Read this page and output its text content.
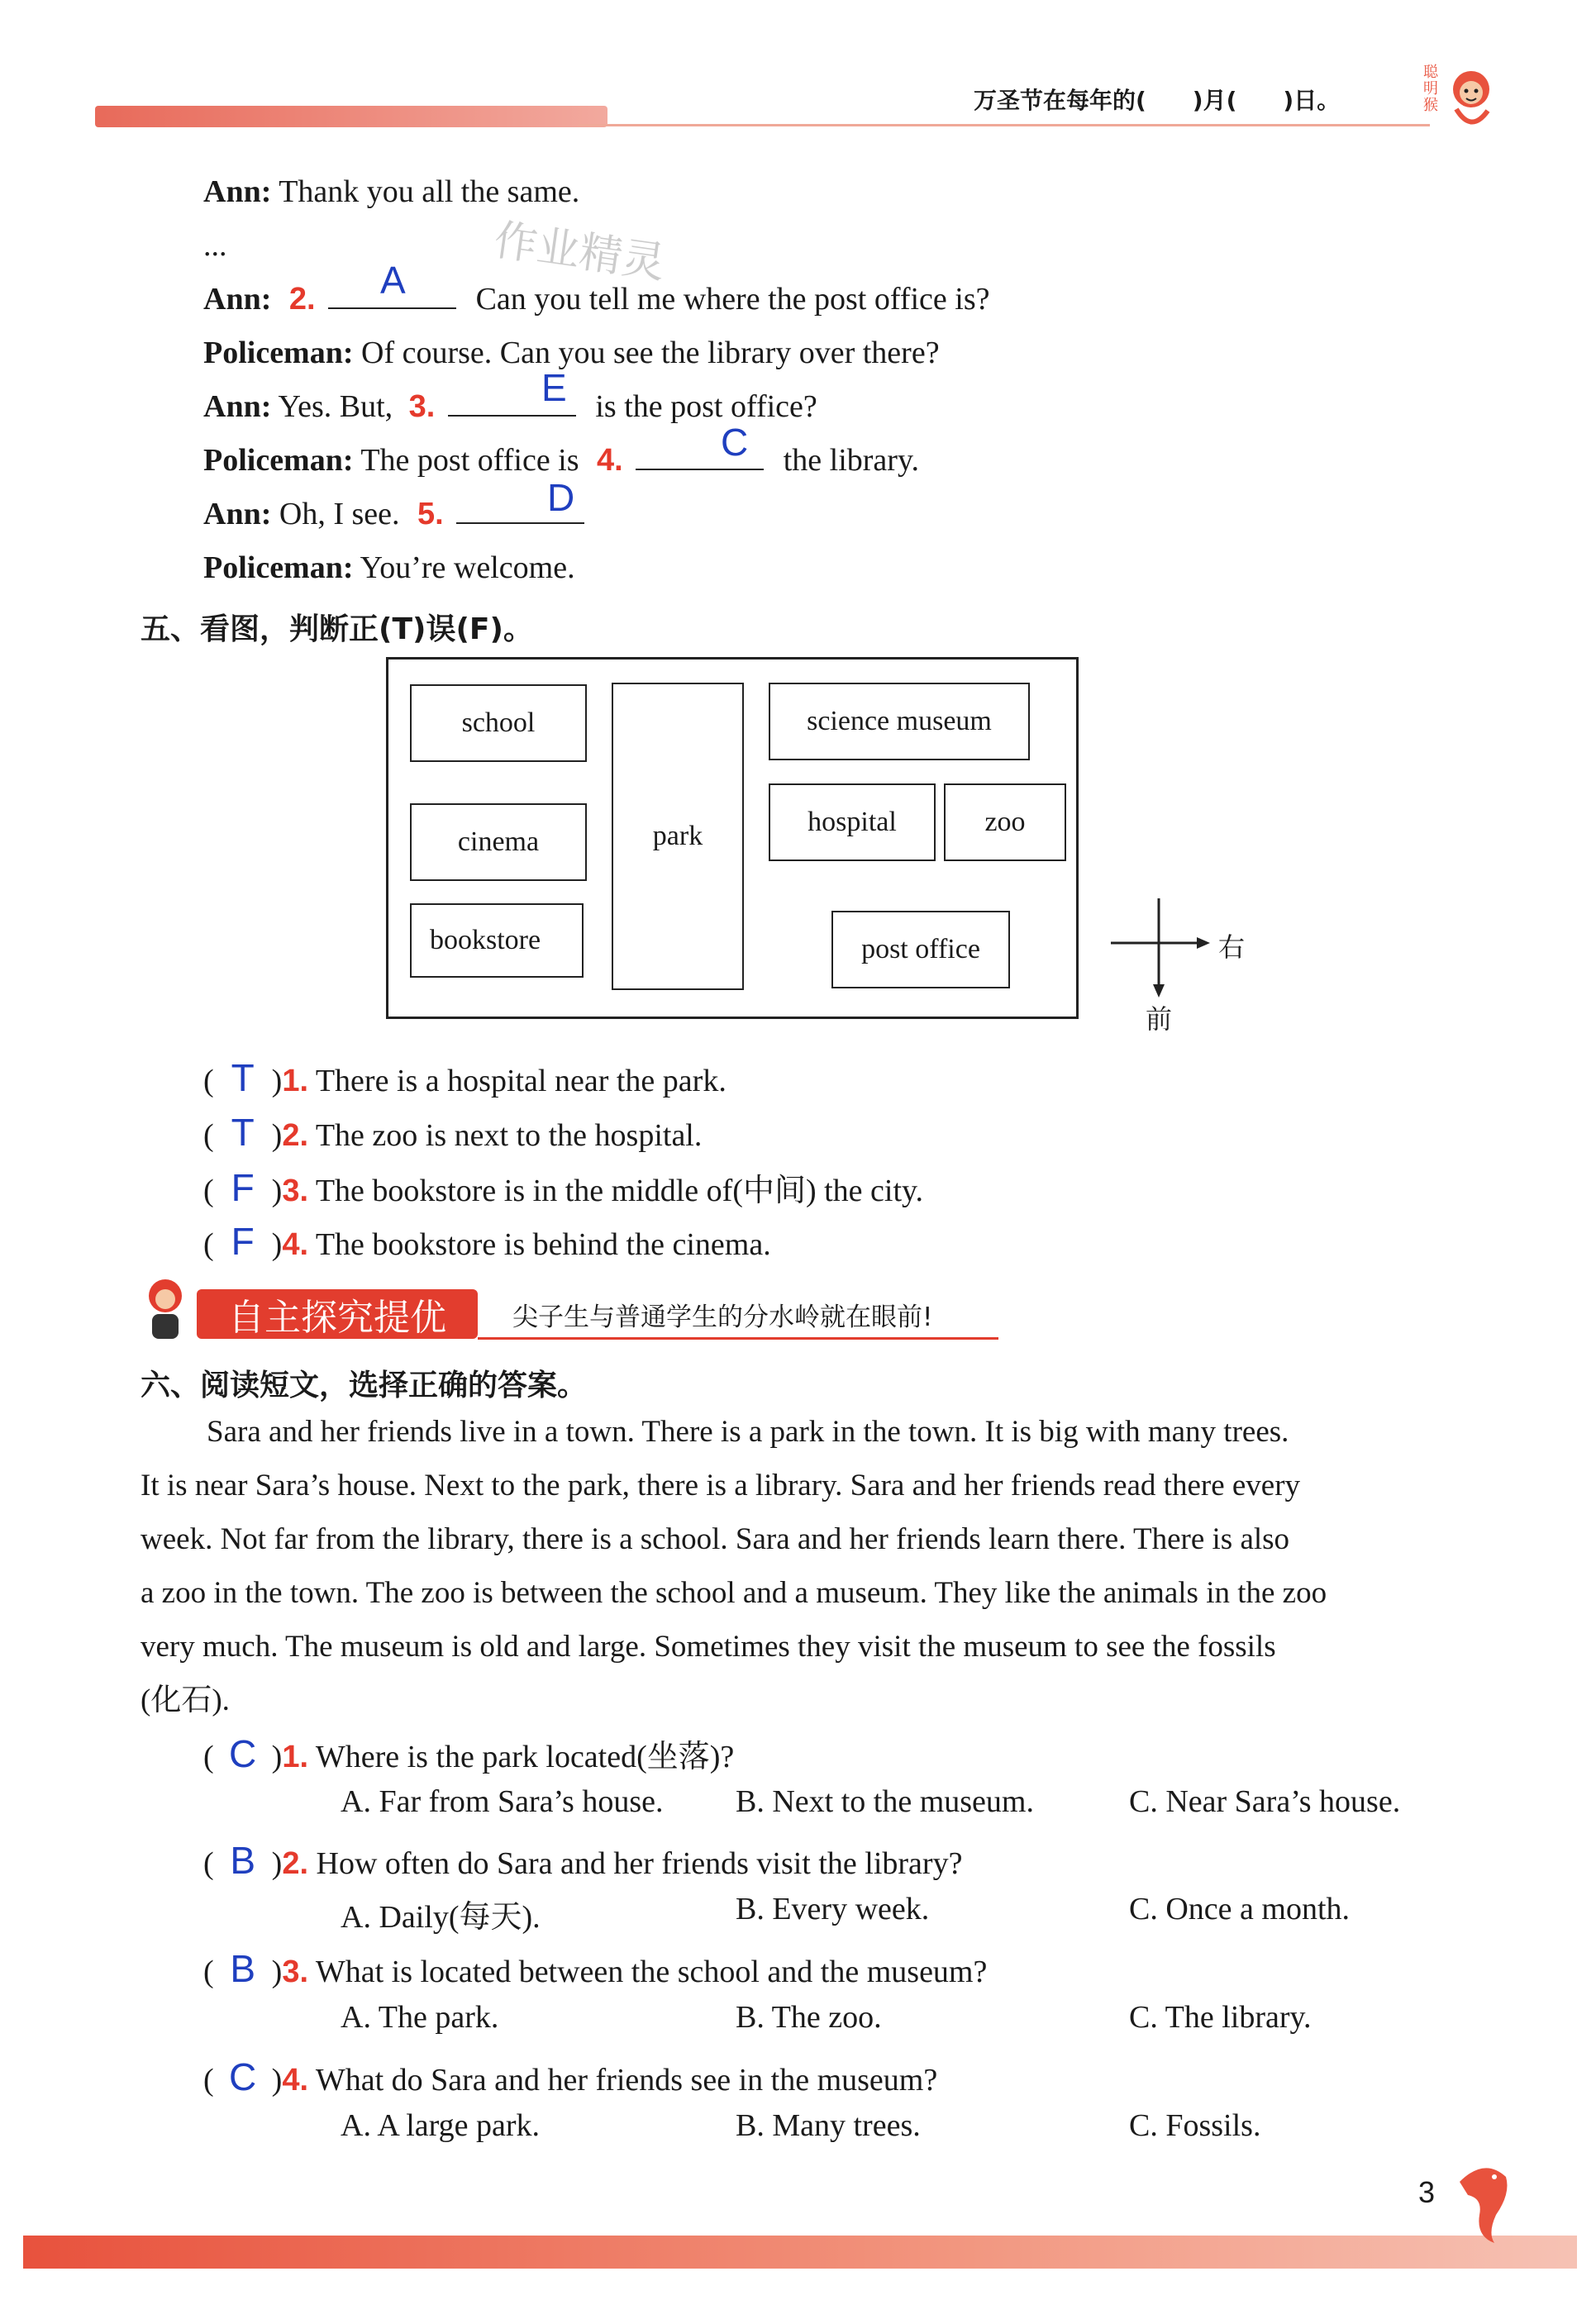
万圣节在每年的(　　)月(　　)日。
聪明猴
Ann: Thank you all the same.
...	作业精灵
Ann: 2.	Can you tell me where the post office is?
A
Policeman: Of course. Can you see the library over there?
Ann: Yes. But, 3.	is the post office?
E
Policeman: The post office is 4.	the library.
C
Ann: Oh, I see. 5.	D
Policeman: You’re welcome.
五、看图，判断正(T)误(F)。
school
cinema
bookstore
park
science museum
hospital	zoo
post office	右
前
( T )1. There is a hospital near the park.
( T )2. The zoo is next to the hospital.
( F )3. The bookstore is in the middle of(中间) the city.
( F )4. The bookstore is behind the cinema.
自主探究提优	尖子生与普通学生的分水岭就在眼前!
六、阅读短文，选择正确的答案。
Sara and her friends live in a town. There is a park in the town. It is big with many trees.
It is near Sara’s house. Next to the park, there is a library. Sara and her friends read there every
week. Not far from the library, there is a school. Sara and her friends learn there. There is also
a zoo in the town. The zoo is between the school and a museum. They like the animals in the zoo
very much. The museum is old and large. Sometimes they visit the museum to see the fossils
(化石).
( C )1. Where is the park located(坐落)?
A. Far from Sara’s house. B. Next to the museum.	C. Near Sara’s house.
( B )2. How often do Sara and her friends visit the library?
A. Daily(每天).	B. Every week.	C. Once a month.
( B )3. What is located between the school and the museum?
A. The park.	B. The zoo.	C. The library.
( C )4. What do Sara and her friends see in the museum?
A. A large park.	B. Many trees.	C. Fossils.
3
